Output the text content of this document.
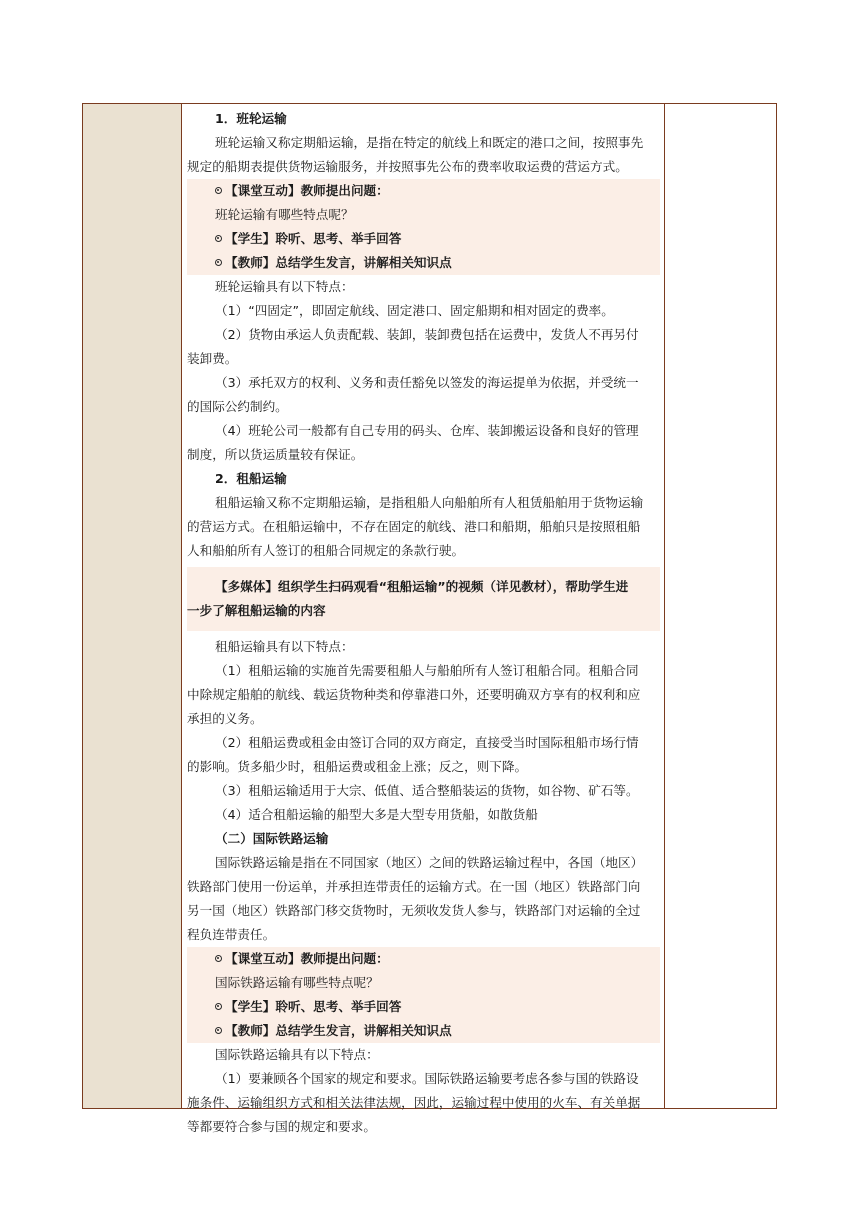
1．班轮运输
班轮运输又称定期船运输，是指在特定的航线上和既定的港口之间，按照事先
规定的船期表提供货物运输服务，并按照事先公布的费率收取运费的营运方式。
【课堂互动】教师提出问题：
班轮运输有哪些特点呢？
【学生】聆听、思考、举手回答
【教师】总结学生发言，讲解相关知识点
班轮运输具有以下特点：
（1）“四固定”，即固定航线、固定港口、固定船期和相对固定的费率。
（2）货物由承运人负责配载、装卸，装卸费包括在运费中，发货人不再另付
装卸费。
（3）承托双方的权利、义务和责任豁免以签发的海运提单为依据，并受统一
的国际公约制约。
（4）班轮公司一般都有自己专用的码头、仓库、装卸搬运设备和良好的管理
制度，所以货运质量较有保证。
2．租船运输
租船运输又称不定期船运输，是指租船人向船舶所有人租赁船舶用于货物运输
的营运方式。在租船运输中，不存在固定的航线、港口和船期，船舶只是按照租船
人和船舶所有人签订的租船合同规定的条款行驶。
【多媒体】组织学生扫码观看“租船运输”的视频（详见教材），帮助学生进
一步了解租船运输的内容
租船运输具有以下特点：
（1）租船运输的实施首先需要租船人与船舶所有人签订租船合同。租船合同
中除规定船舶的航线、载运货物种类和停靠港口外，还要明确双方享有的权利和应
承担的义务。
（2）租船运费或租金由签订合同的双方商定，直接受当时国际租船市场行情
的影响。货多船少时，租船运费或租金上涨；反之，则下降。
（3）租船运输适用于大宗、低值、适合整船装运的货物，如谷物、矿石等。
（4）适合租船运输的船型大多是大型专用货船，如散货船
（二）国际铁路运输
国际铁路运输是指在不同国家（地区）之间的铁路运输过程中，各国（地区）
铁路部门使用一份运单，并承担连带责任的运输方式。在一国（地区）铁路部门向
另一国（地区）铁路部门移交货物时，无须收发货人参与，铁路部门对运输的全过
程负连带责任。
【课堂互动】教师提出问题：
国际铁路运输有哪些特点呢？
【学生】聆听、思考、举手回答
【教师】总结学生发言，讲解相关知识点
国际铁路运输具有以下特点：
（1）要兼顾各个国家的规定和要求。国际铁路运输要考虑各参与国的铁路设
施条件、运输组织方式和相关法律法规，因此，运输过程中使用的火车、有关单据
等都要符合参与国的规定和要求。
